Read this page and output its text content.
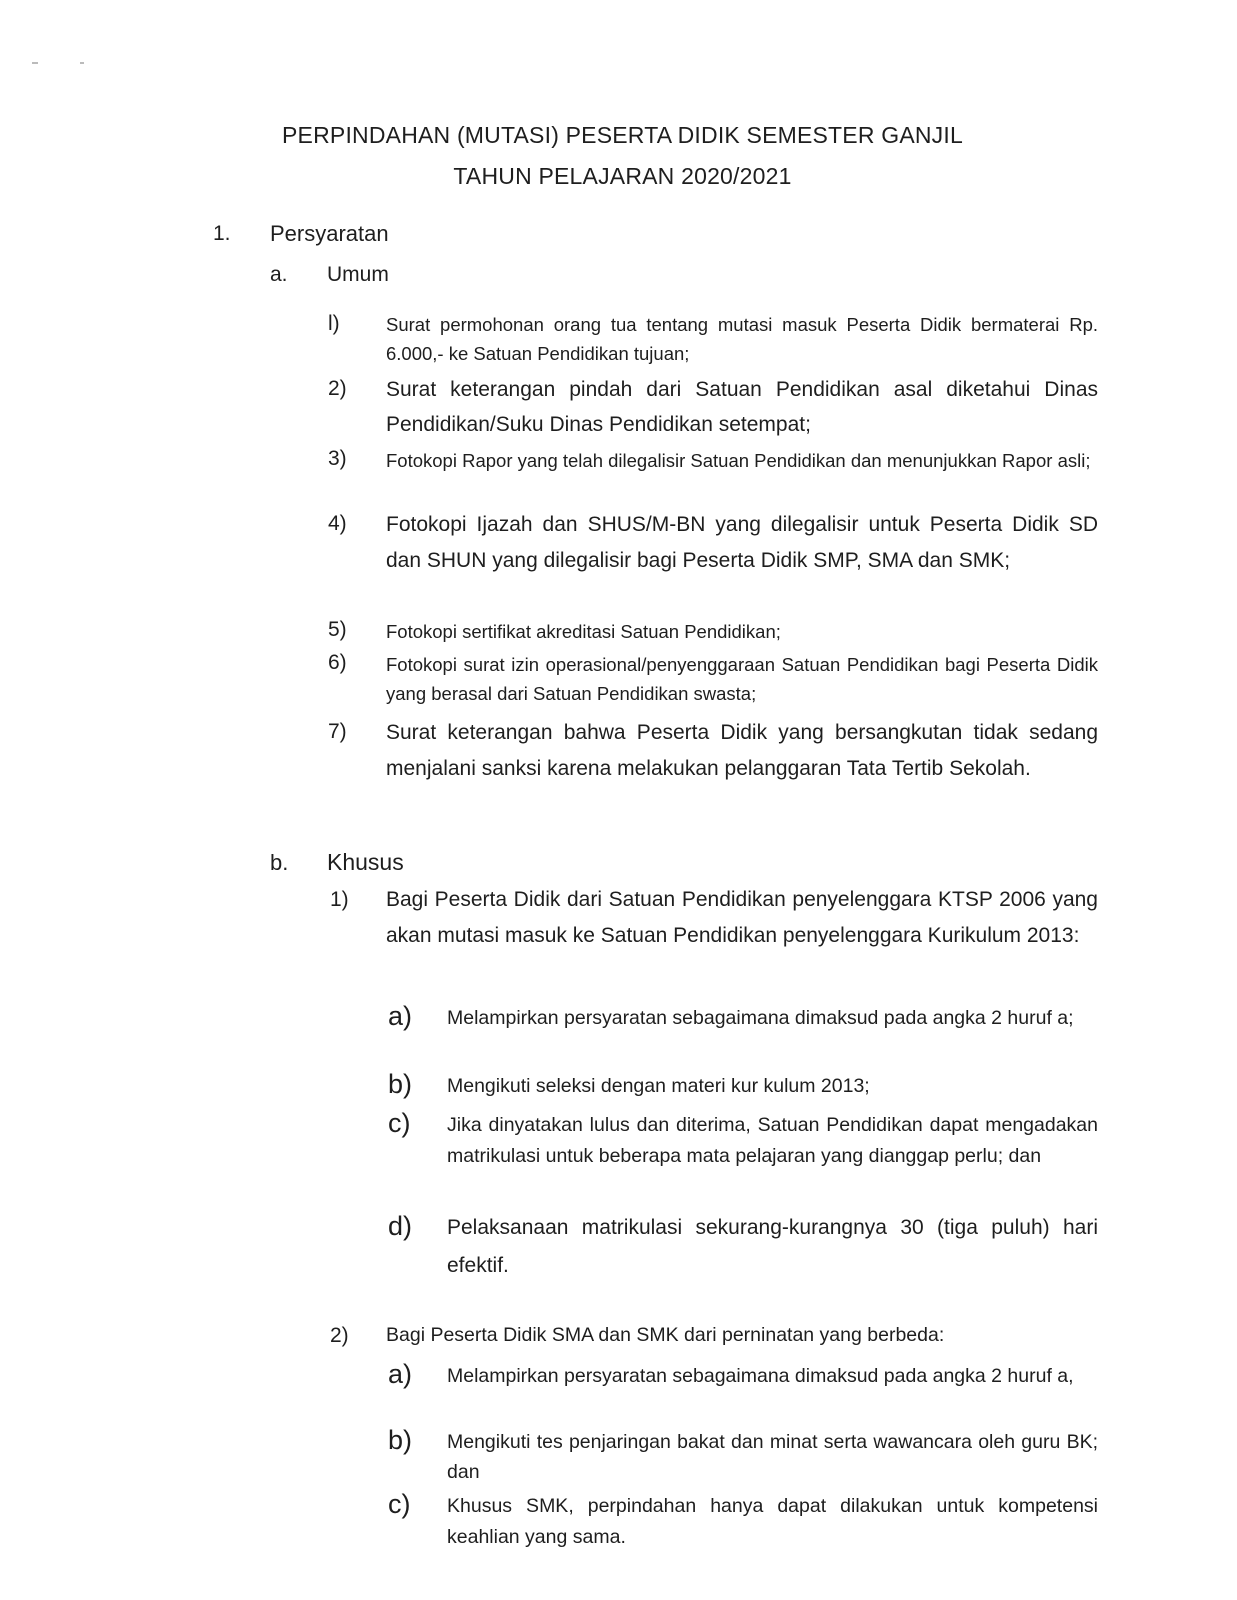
PERPINDAHAN (MUTASI) PESERTA DIDIK SEMESTER GANJIL
TAHUN PELAJARAN 2020/2021
1. Persyaratan
a. Umum
l)	Surat permohonan orang tua tentang mutasi masuk Peserta Didik bermaterai Rp. 6.000,- ke Satuan Pendidikan tujuan;
2) Surat keterangan pindah dari Satuan Pendidikan asal diketahui Dinas Pendidikan/Suku Dinas Pendidikan setempat;
3) Fotokopi Rapor yang telah dilegalisir Satuan Pendidikan dan menunjukkan Rapor asli;
4) Fotokopi Ijazah dan SHUS/M-BN yang dilegalisir untuk Peserta Didik SD dan SHUN yang dilegalisir bagi Peserta Didik SMP, SMA dan SMK;
5) Fotokopi sertifikat akreditasi Satuan Pendidikan;
6) Fotokopi surat izin operasional/penyenggaraan Satuan Pendidikan bagi Peserta Didik yang berasal dari Satuan Pendidikan swasta;
7) Surat keterangan bahwa Peserta Didik yang bersangkutan tidak sedang menjalani sanksi karena melakukan pelanggaran Tata Tertib Sekolah.
b. Khusus
1) Bagi Peserta Didik dari Satuan Pendidikan penyelenggara KTSP 2006 yang akan mutasi masuk ke Satuan Pendidikan penyelenggara Kurikulum 2013:
a) Melampirkan persyaratan sebagaimana dimaksud pada angka 2 huruf a;
b) Mengikuti seleksi dengan materi kur kulum 2013;
c) Jika dinyatakan lulus dan diterima, Satuan Pendidikan dapat mengadakan matrikulasi untuk beberapa mata pelajaran yang dianggap perlu; dan
d) Pelaksanaan matrikulasi sekurang-kurangnya 30 (tiga puluh) hari efektif.
2) Bagi Peserta Didik SMA dan SMK dari perninatan yang berbeda:
a) Melampirkan persyaratan sebagaimana dimaksud pada angka 2 huruf a,
b) Mengikuti tes penjaringan bakat dan minat serta wawancara oleh guru BK; dan
c) Khusus SMK, perpindahan hanya dapat dilakukan untuk kompetensi keahlian yang sama.
